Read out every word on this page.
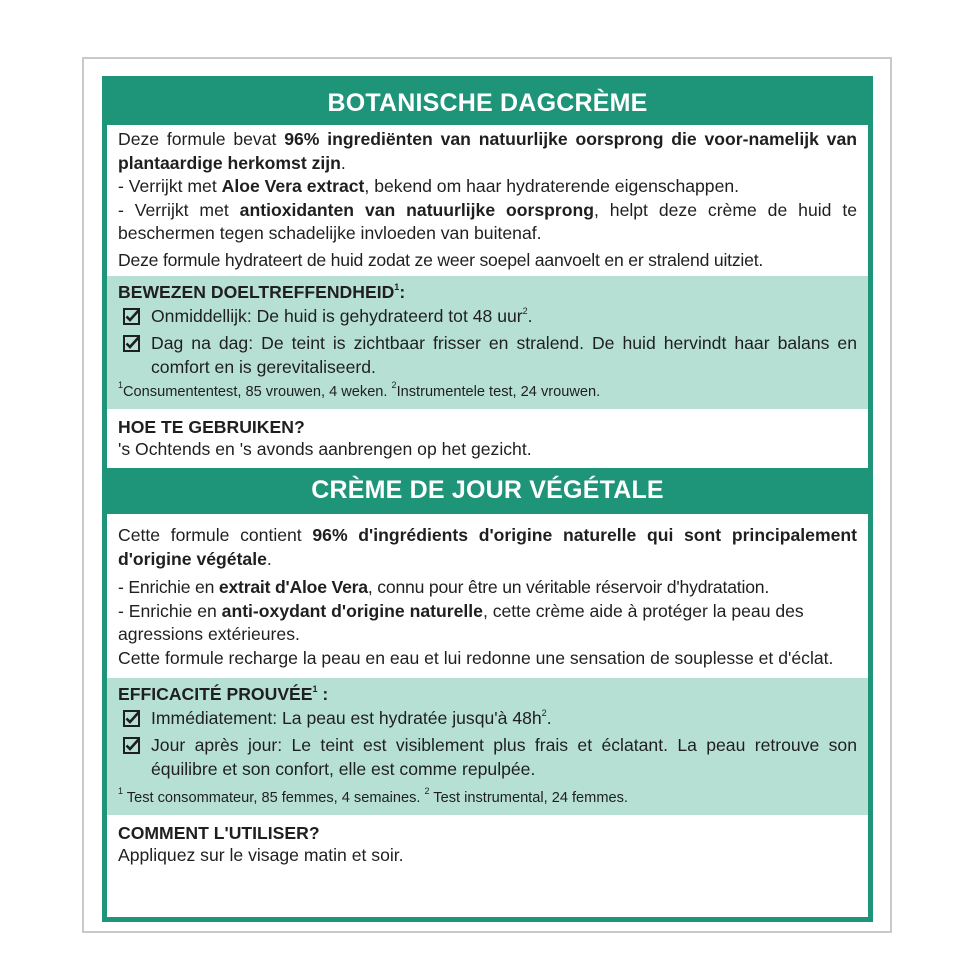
BOTANISCHE DAGCRÈME
Deze formule bevat 96% ingrediënten van natuurlijke oorsprong die voor-namelijk van plantaardige herkomst zijn.
- Verrijkt met Aloe Vera extract, bekend om haar hydraterende eigenschappen.
- Verrijkt met antioxidanten van natuurlijke oorsprong, helpt deze crème de huid te beschermen tegen schadelijke invloeden van buitenaf.
Deze formule hydrateert de huid zodat ze weer soepel aanvoelt en er stralend uitziet.
BEWEZEN DOELTREFFENDHEID$^1$:
Onmiddellijk: De huid is gehydrateerd tot 48 uur$^2$.
Dag na dag: De teint is zichtbaar frisser en stralend. De huid hervindt haar balans en comfort en is gerevitaliseerd.
$^1$Consumententest, 85 vrouwen, 4 weken. $^2$Instrumentele test, 24 vrouwen.
HOE TE GEBRUIKEN?
's Ochtends en 's avonds aanbrengen op het gezicht.
CRÈME DE JOUR VÉGÉTALE
Cette formule contient 96% d'ingrédients d'origine naturelle qui sont principalement d'origine végétale.
- Enrichie en extrait d'Aloe Vera, connu pour être un véritable réservoir d'hydratation.
- Enrichie en anti-oxydant d'origine naturelle, cette crème aide à protéger la peau des agressions extérieures.
Cette formule recharge la peau en eau et lui redonne une sensation de souplesse et d'éclat.
EFFICACITÉ PROUVÉE$^1$ :
Immédiatement: La peau est hydratée jusqu'à $48h^2$.
Jour après jour: Le teint est visiblement plus frais et éclatant. La peau retrouve son équilibre et son confort, elle est comme repulpée.
$^1$ Test consommateur, 85 femmes, 4 semaines. $^2$ Test instrumental, 24 femmes.
COMMENT L'UTILISER?
Appliquez sur le visage matin et soir.
